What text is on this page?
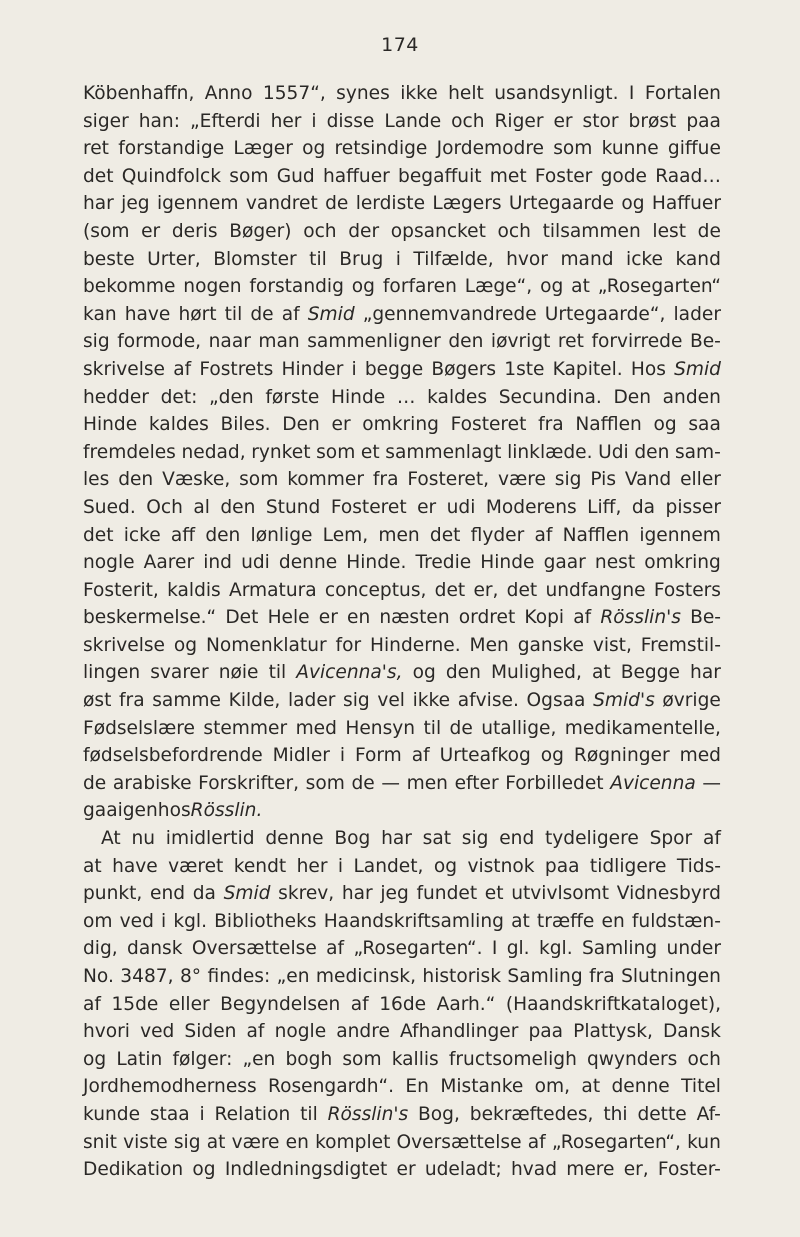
174
Köbenhaffn, Anno 1557“, synes ikke helt usandsynligt. I Fortalen
siger han: „Efterdi her i disse Lande och Riger er stor brøst paa
ret forstandige Læger og retsindige Jordemodre som kunne giffue
det Quindfolck som Gud haffuer begaffuit met Foster gode Raad…
har jeg igennem vandret de lerdiste Lægers Urtegaarde og Haffuer
(som er deris Bøger) och der opsancket och tilsammen lest de
beste Urter, Blomster til Brug i Tilfælde, hvor mand icke kand
bekomme nogen forstandig og forfaren Læge“, og at „Rosegarten“
kan have hørt til de af Smid „gennemvandrede Urtegaarde“, lader
sig formode, naar man sammenligner den iøvrigt ret forvirrede Be-
skrivelse af Fostrets Hinder i begge Bøgers 1ste Kapitel. Hos Smid
hedder det: „den første Hinde … kaldes Secundina. Den anden
Hinde kaldes Biles. Den er omkring Fosteret fra Nafflen og saa
fremdeles nedad, rynket som et sammenlagt linklæde. Udi den sam-
les den Væske, som kommer fra Fosteret, være sig Pis Vand eller
Sued. Och al den Stund Fosteret er udi Moderens Liff, da pisser
det icke aff den lønlige Lem, men det flyder af Nafflen igennem
nogle Aarer ind udi denne Hinde. Tredie Hinde gaar nest omkring
Fosterit, kaldis Armatura conceptus, det er, det undfangne Fosters
beskermelse.“ Det Hele er en næsten ordret Kopi af Rösslin's Be-
skrivelse og Nomenklatur for Hinderne. Men ganske vist, Fremstil-
lingen svarer nøie til Avicenna's, og den Mulighed, at Begge har
øst fra samme Kilde, lader sig vel ikke afvise. Ogsaa Smid's øvrige
Fødselslære stemmer med Hensyn til de utallige, medikamentelle,
fødselsbefordrende Midler i Form af Urteafkog og Røgninger med
de arabiske Forskrifter, som de — men efter Forbilledet Avicenna —
gaa igen hos Rösslin.
At nu imidlertid denne Bog har sat sig end tydeligere Spor af
at have været kendt her i Landet, og vistnok paa tidligere Tids-
punkt, end da Smid skrev, har jeg fundet et utvivlsomt Vidnesbyrd
om ved i kgl. Bibliotheks Haandskriftsamling at træffe en fuldstæn-
dig, dansk Oversættelse af „Rosegarten“. I gl. kgl. Samling under
No. 3487, 8° findes: „en medicinsk, historisk Samling fra Slutningen
af 15de eller Begyndelsen af 16de Aarh.“ (Haandskriftkataloget),
hvori ved Siden af nogle andre Afhandlinger paa Plattysk, Dansk
og Latin følger: „en bogh som kallis fructsomeligh qwynders och
Jordhemodherness Rosengardh“. En Mistanke om, at denne Titel
kunde staa i Relation til Rösslin's Bog, bekræftedes, thi dette Af-
snit viste sig at være en komplet Oversættelse af „Rosegarten“, kun
Dedikation og Indledningsdigtet er udeladt; hvad mere er, Foster-
